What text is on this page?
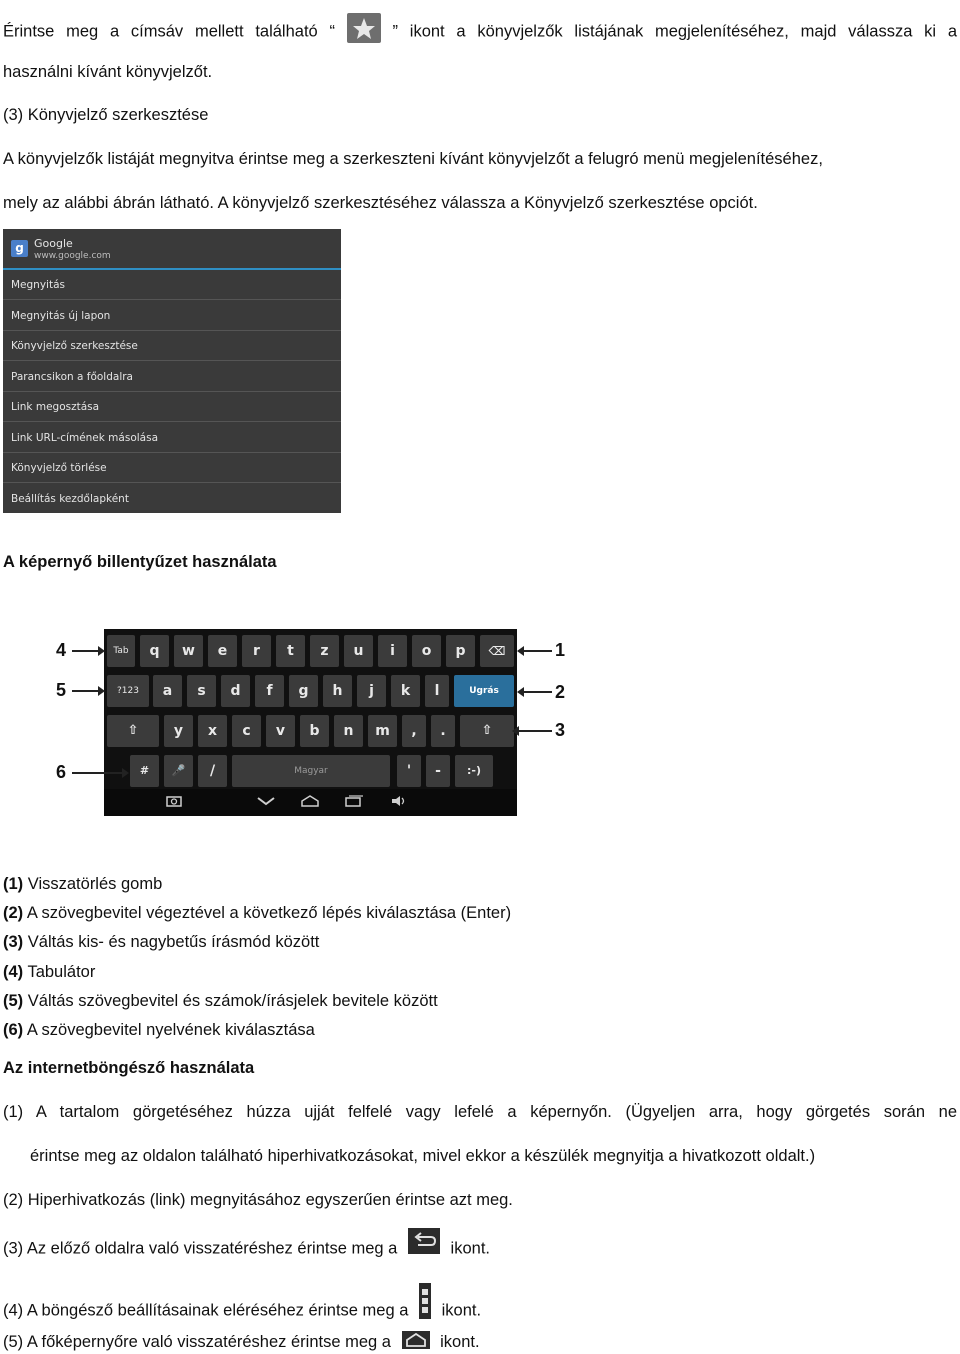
Érintse meg a címsáv mellett található “	” ikont a könyvjelzők listájának megjelenítéséhez, majd válassza ki a
használni kívánt könyvjelzőt.
(3) Könyvjelző szerkesztése
A könyvjelzők listáját megnyitva érintse meg a szerkeszteni kívánt könyvjelzőt a felugró menü megjelenítéséhez,
mely az alábbi ábrán látható. A könyvjelző szerkesztéséhez válassza a Könyvjelző szerkesztése opciót.
g Google
www.google.com
Megnyitás
Megnyitás új lapon
Könyvjelző szerkesztése
Parancsikon a főoldalra
Link megosztása
Link URL-címének másolása
Könyvjelző törlése
Beállítás kezdőlapként
A képernyő billentyűzet használata
Tab	q	w	e	r	t	z	u	i	o	p	⌫
?123	a	s	d	f	g	h	j	k	l	Ugrás
⇧	y	x	c	v	b	n	m	,	.	⇧
#	🎤	/	Magyar	'	-	:-)
4
5
6
1
2
3
(1) Visszatörlés gomb
(2) A szövegbevitel végeztével a következő lépés kiválasztása (Enter)
(3) Váltás kis- és nagybetűs írásmód között
(4) Tabulátor
(5) Váltás szövegbevitel és számok/írásjelek bevitele között
(6) A szövegbevitel nyelvének kiválasztása
Az internetböngésző használata
(1) A tartalom görgetéséhez húzza ujját felfelé vagy lefelé a képernyőn. (Ügyeljen arra, hogy görgetés során ne
érintse meg az oldalon található hiperhivatkozásokat, mivel ekkor a készülék megnyitja a hivatkozott oldalt.)
(2) Hiperhivatkozás (link) megnyitásához egyszerűen érintse azt meg.
(3) Az előző oldalra való visszatéréshez érintse meg a	ikont.
(4) A böngésző beállításainak eléréséhez érintse meg a ikont.
(5) A főképernyőre való visszatéréshez érintse meg a	ikont.
